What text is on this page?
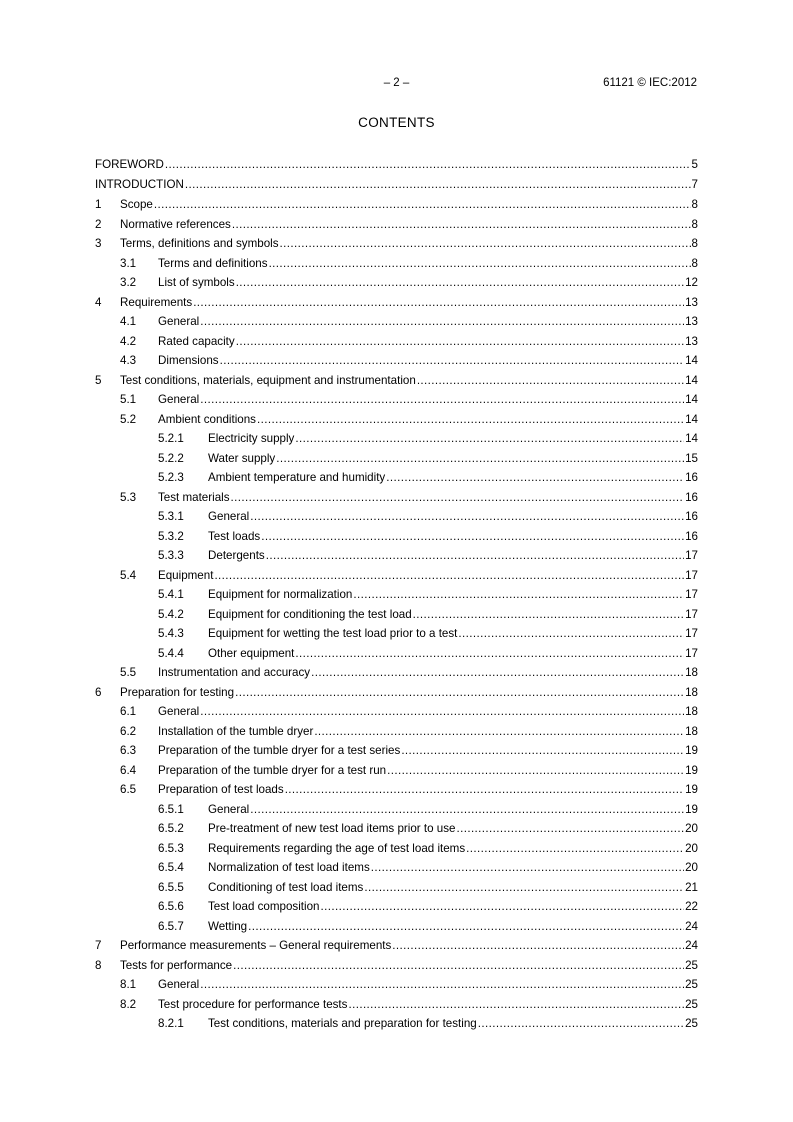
– 2 –	61121 © IEC:2012
CONTENTS
FOREWORD .....	5
INTRODUCTION .....	7
1	Scope .....	8
2	Normative references .....	8
3	Terms, definitions and symbols .....	8
3.1	Terms and definitions .....	8
3.2	List of symbols .....	12
4	Requirements .....	13
4.1	General .....	13
4.2	Rated capacity .....	13
4.3	Dimensions .....	14
5	Test conditions, materials, equipment and instrumentation .....	14
5.1	General .....	14
5.2	Ambient conditions .....	14
5.2.1	Electricity supply .....	14
5.2.2	Water supply .....	15
5.2.3	Ambient temperature and humidity .....	16
5.3	Test materials .....	16
5.3.1	General .....	16
5.3.2	Test loads .....	16
5.3.3	Detergents .....	17
5.4	Equipment .....	17
5.4.1	Equipment for normalization .....	17
5.4.2	Equipment for conditioning the test load .....	17
5.4.3	Equipment for wetting the test load prior to a test .....	17
5.4.4	Other equipment .....	17
5.5	Instrumentation and accuracy .....	18
6	Preparation for testing .....	18
6.1	General .....	18
6.2	Installation of the tumble dryer .....	18
6.3	Preparation of the tumble dryer for a test series .....	19
6.4	Preparation of the tumble dryer for a test run .....	19
6.5	Preparation of test loads .....	19
6.5.1	General .....	19
6.5.2	Pre-treatment of new test load items prior to use .....	20
6.5.3	Requirements regarding the age of test load items .....	20
6.5.4	Normalization of test load items .....	20
6.5.5	Conditioning of test load items .....	21
6.5.6	Test load composition .....	22
6.5.7	Wetting .....	24
7	Performance measurements – General requirements .....	24
8	Tests for performance .....	25
8.1	General .....	25
8.2	Test procedure for performance tests .....	25
8.2.1	Test conditions, materials and preparation for testing .....	25
